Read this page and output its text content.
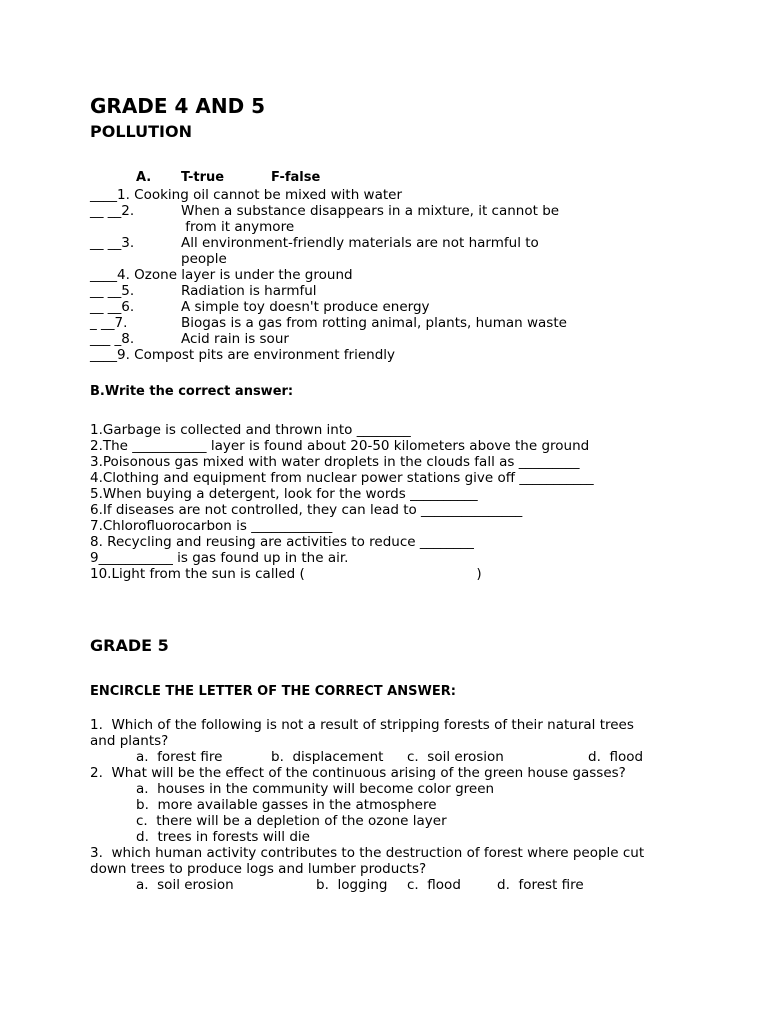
GRADE 4 AND 5
POLLUTION
A. T-true	F-false
____1. Cooking oil cannot be mixed with water
__ __2.	When a substance disappears in a mixture, it cannot be
from it anymore
__ __3.	All environment-friendly materials are not harmful to
people
____4. Ozone layer is under the ground
__ __5.	Radiation is harmful
__ __6.	A simple toy doesn't produce energy
_ __7.	Biogas is a gas from rotting animal, plants, human waste
___ _8.	Acid rain is sour
____9. Compost pits are environment friendly
B.Write the correct answer:
1.Garbage is collected and thrown into ________
2.The ___________ layer is found about 20-50 kilometers above the ground
3.Poisonous gas mixed with water droplets in the clouds fall as _________
4.Clothing and equipment from nuclear power stations give off ___________
5.When buying a detergent, look for the words __________
6.If diseases are not controlled, they can lead to _______________
7.Chlorofluorocarbon is ____________
8. Recycling and reusing are activities to reduce ________
9___________ is gas found up in the air.
10.Light from the sun is called (                                        )
GRADE 5
ENCIRCLE THE LETTER OF THE CORRECT ANSWER:
1.  Which of the following is not a result of stripping forests of their natural trees
and plants?
a.  forest fire	b.  displacement c.  soil erosion	d.  flood
2.  What will be the effect of the continuous arising of the green house gasses?
a.  houses in the community will become color green
b.  more available gasses in the atmosphere
c.  there will be a depletion of the ozone layer
d.  trees in forests will die
3.  which human activity contributes to the destruction of forest where people cut
down trees to produce logs and lumber products?
a.  soil erosion	b.  logging c.  flood	d.  forest fire
